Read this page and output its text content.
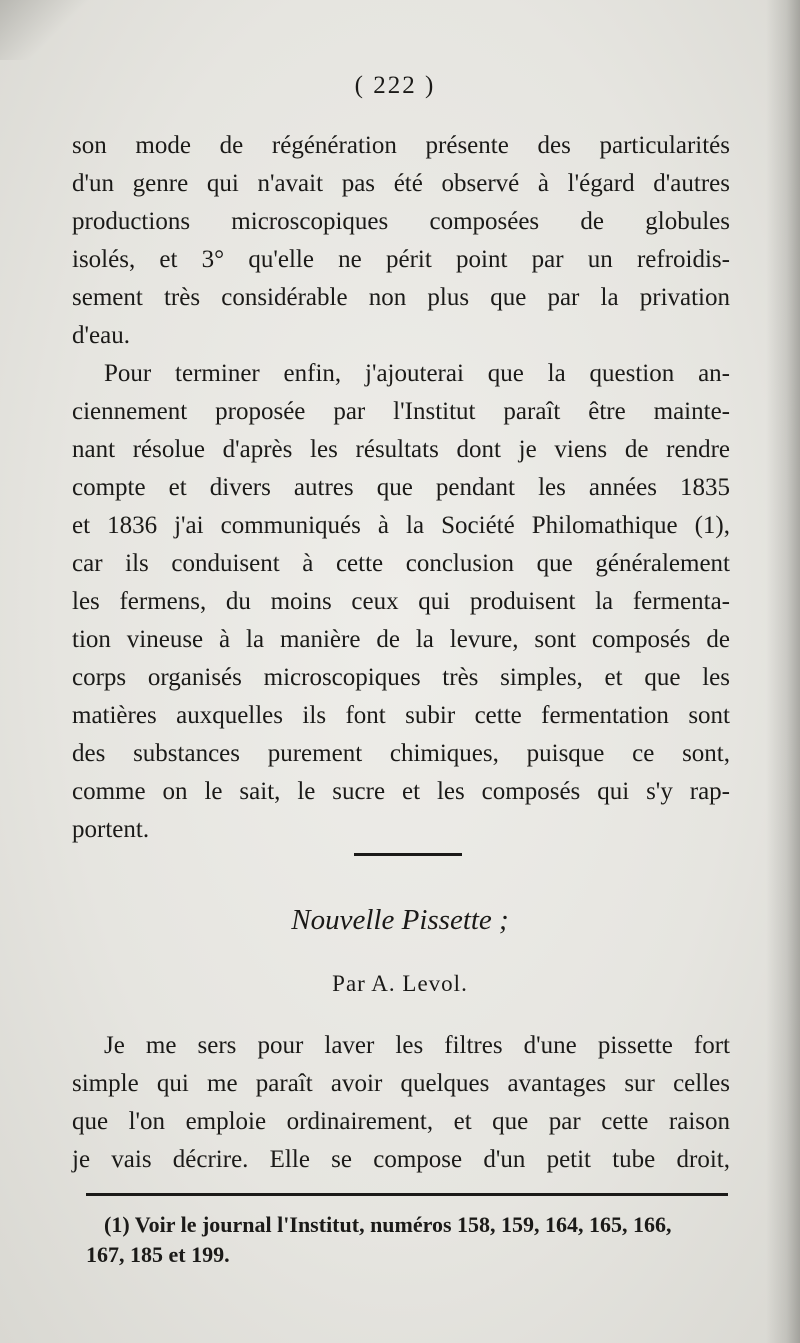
( 222 )
son mode de régénération présente des particularités
d'un genre qui n'avait pas été observé à l'égard d'autres
productions microscopiques composées de globules
isolés, et 3° qu'elle ne périt point par un refroidis-
sement très considérable non plus que par la privation
d'eau.
Pour terminer enfin, j'ajouterai que la question an-
ciennement proposée par l'Institut paraît être mainte-
nant résolue d'après les résultats dont je viens de rendre
compte et divers autres que pendant les années 1835
et 1836 j'ai communiqués à la Société Philomathique (1),
car ils conduisent à cette conclusion que généralement
les fermens, du moins ceux qui produisent la fermenta-
tion vineuse à la manière de la levure, sont composés de
corps organisés microscopiques très simples, et que les
matières auxquelles ils font subir cette fermentation sont
des substances purement chimiques, puisque ce sont,
comme on le sait, le sucre et les composés qui s'y rap-
portent.
Nouvelle Pissette ;
Par A. Levol.
Je me sers pour laver les filtres d'une pissette fort
simple qui me paraît avoir quelques avantages sur celles
que l'on emploie ordinairement, et que par cette raison
je vais décrire. Elle se compose d'un petit tube droit,
(1) Voir le journal l'Institut, numéros 158, 159, 164, 165, 166,
167, 185 et 199.
